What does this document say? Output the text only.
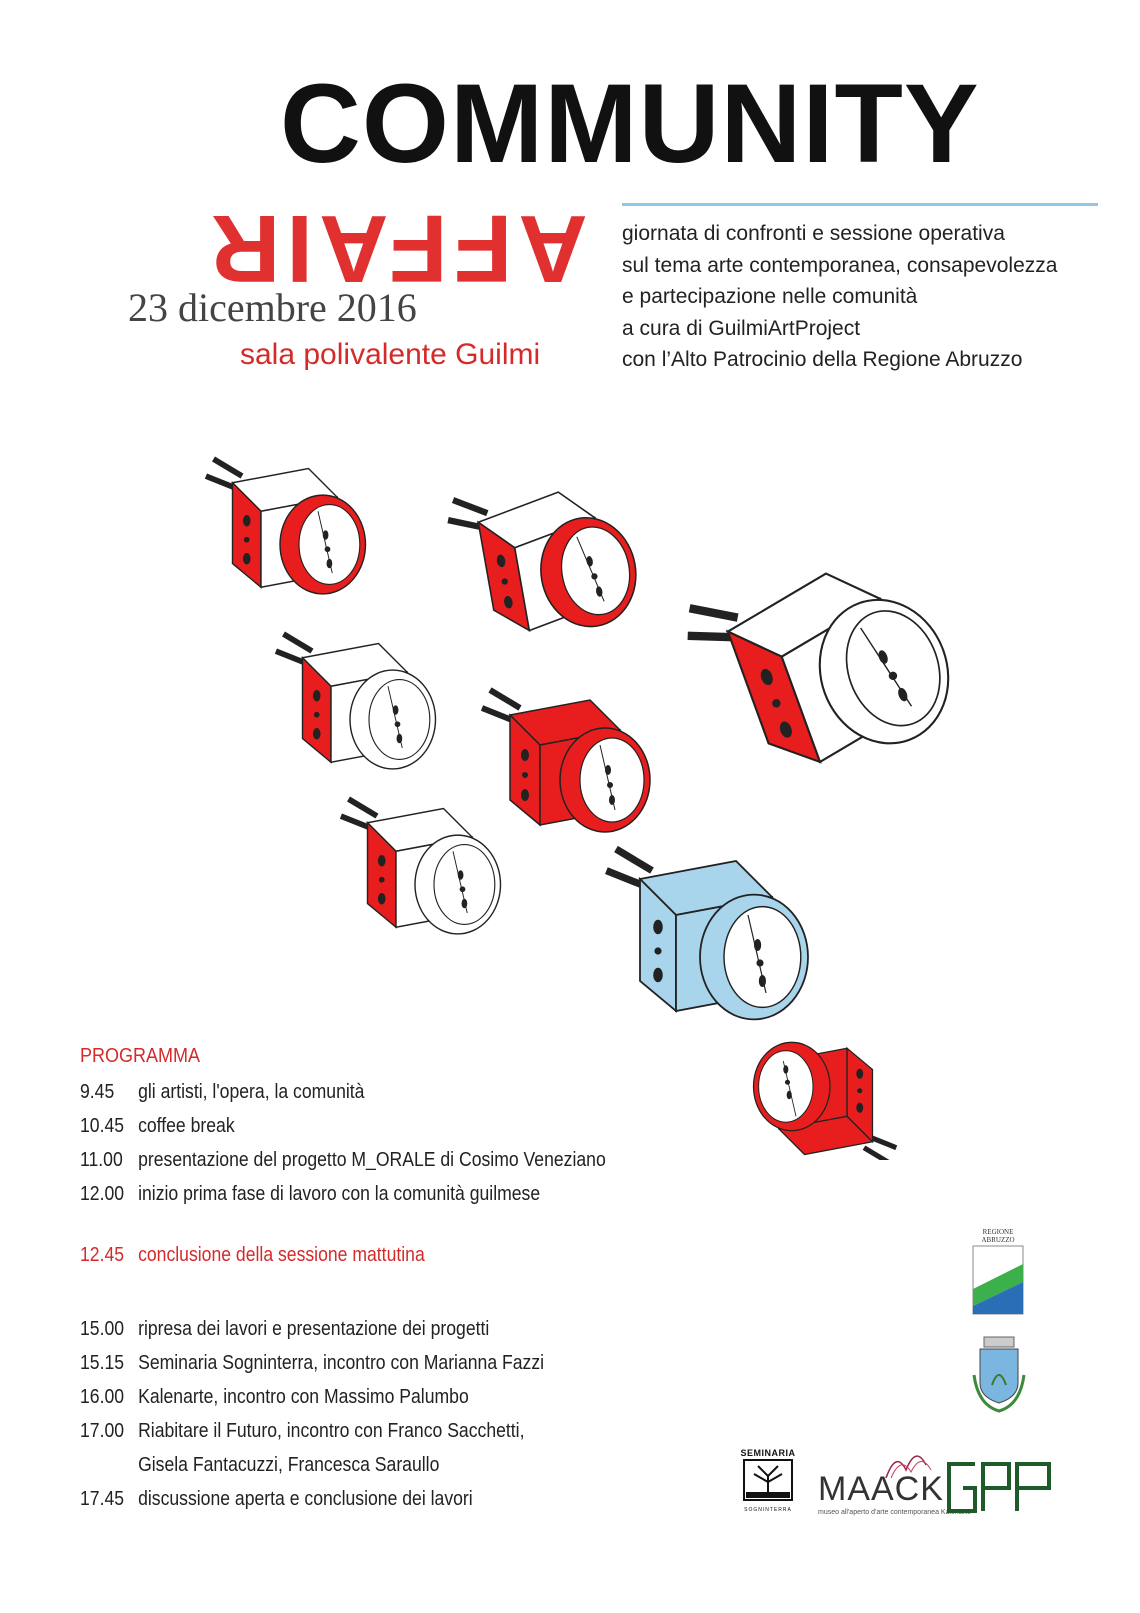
COMMUNITY
AFFAIR
23 dicembre 2016
sala polivalente Guilmi
giornata di confronti e sessione operativa
sul tema arte contemporanea, consapevolezza
e partecipazione nelle comunità
a cura di GuilmiArtProject
con l’Alto Patrocinio della Regione Abruzzo
PROGRAMMA
9.45 gli artisti, l'opera, la comunità
10.45 coffee break
11.00 presentazione del progetto M_ORALE di Cosimo Veneziano
12.00 inizio prima fase di lavoro con la comunità guilmese
12.45 conclusione della sessione mattutina
15.00 ripresa dei lavori e presentazione dei progetti
15.15 Seminaria Sogninterra, incontro con Marianna Fazzi
16.00 Kalenarte, incontro con Massimo Palumbo
17.00 Riabitare il Futuro, incontro con Franco Sacchetti,
Gisela Fantacuzzi, Francesca Saraullo
17.45 discussione aperta e conclusione dei lavori
REGIONE ABRUZZO
SEMINARIA
SOGNINTERRA
MAACK
museo all'aperto d'arte contemporanea Kalenarte
